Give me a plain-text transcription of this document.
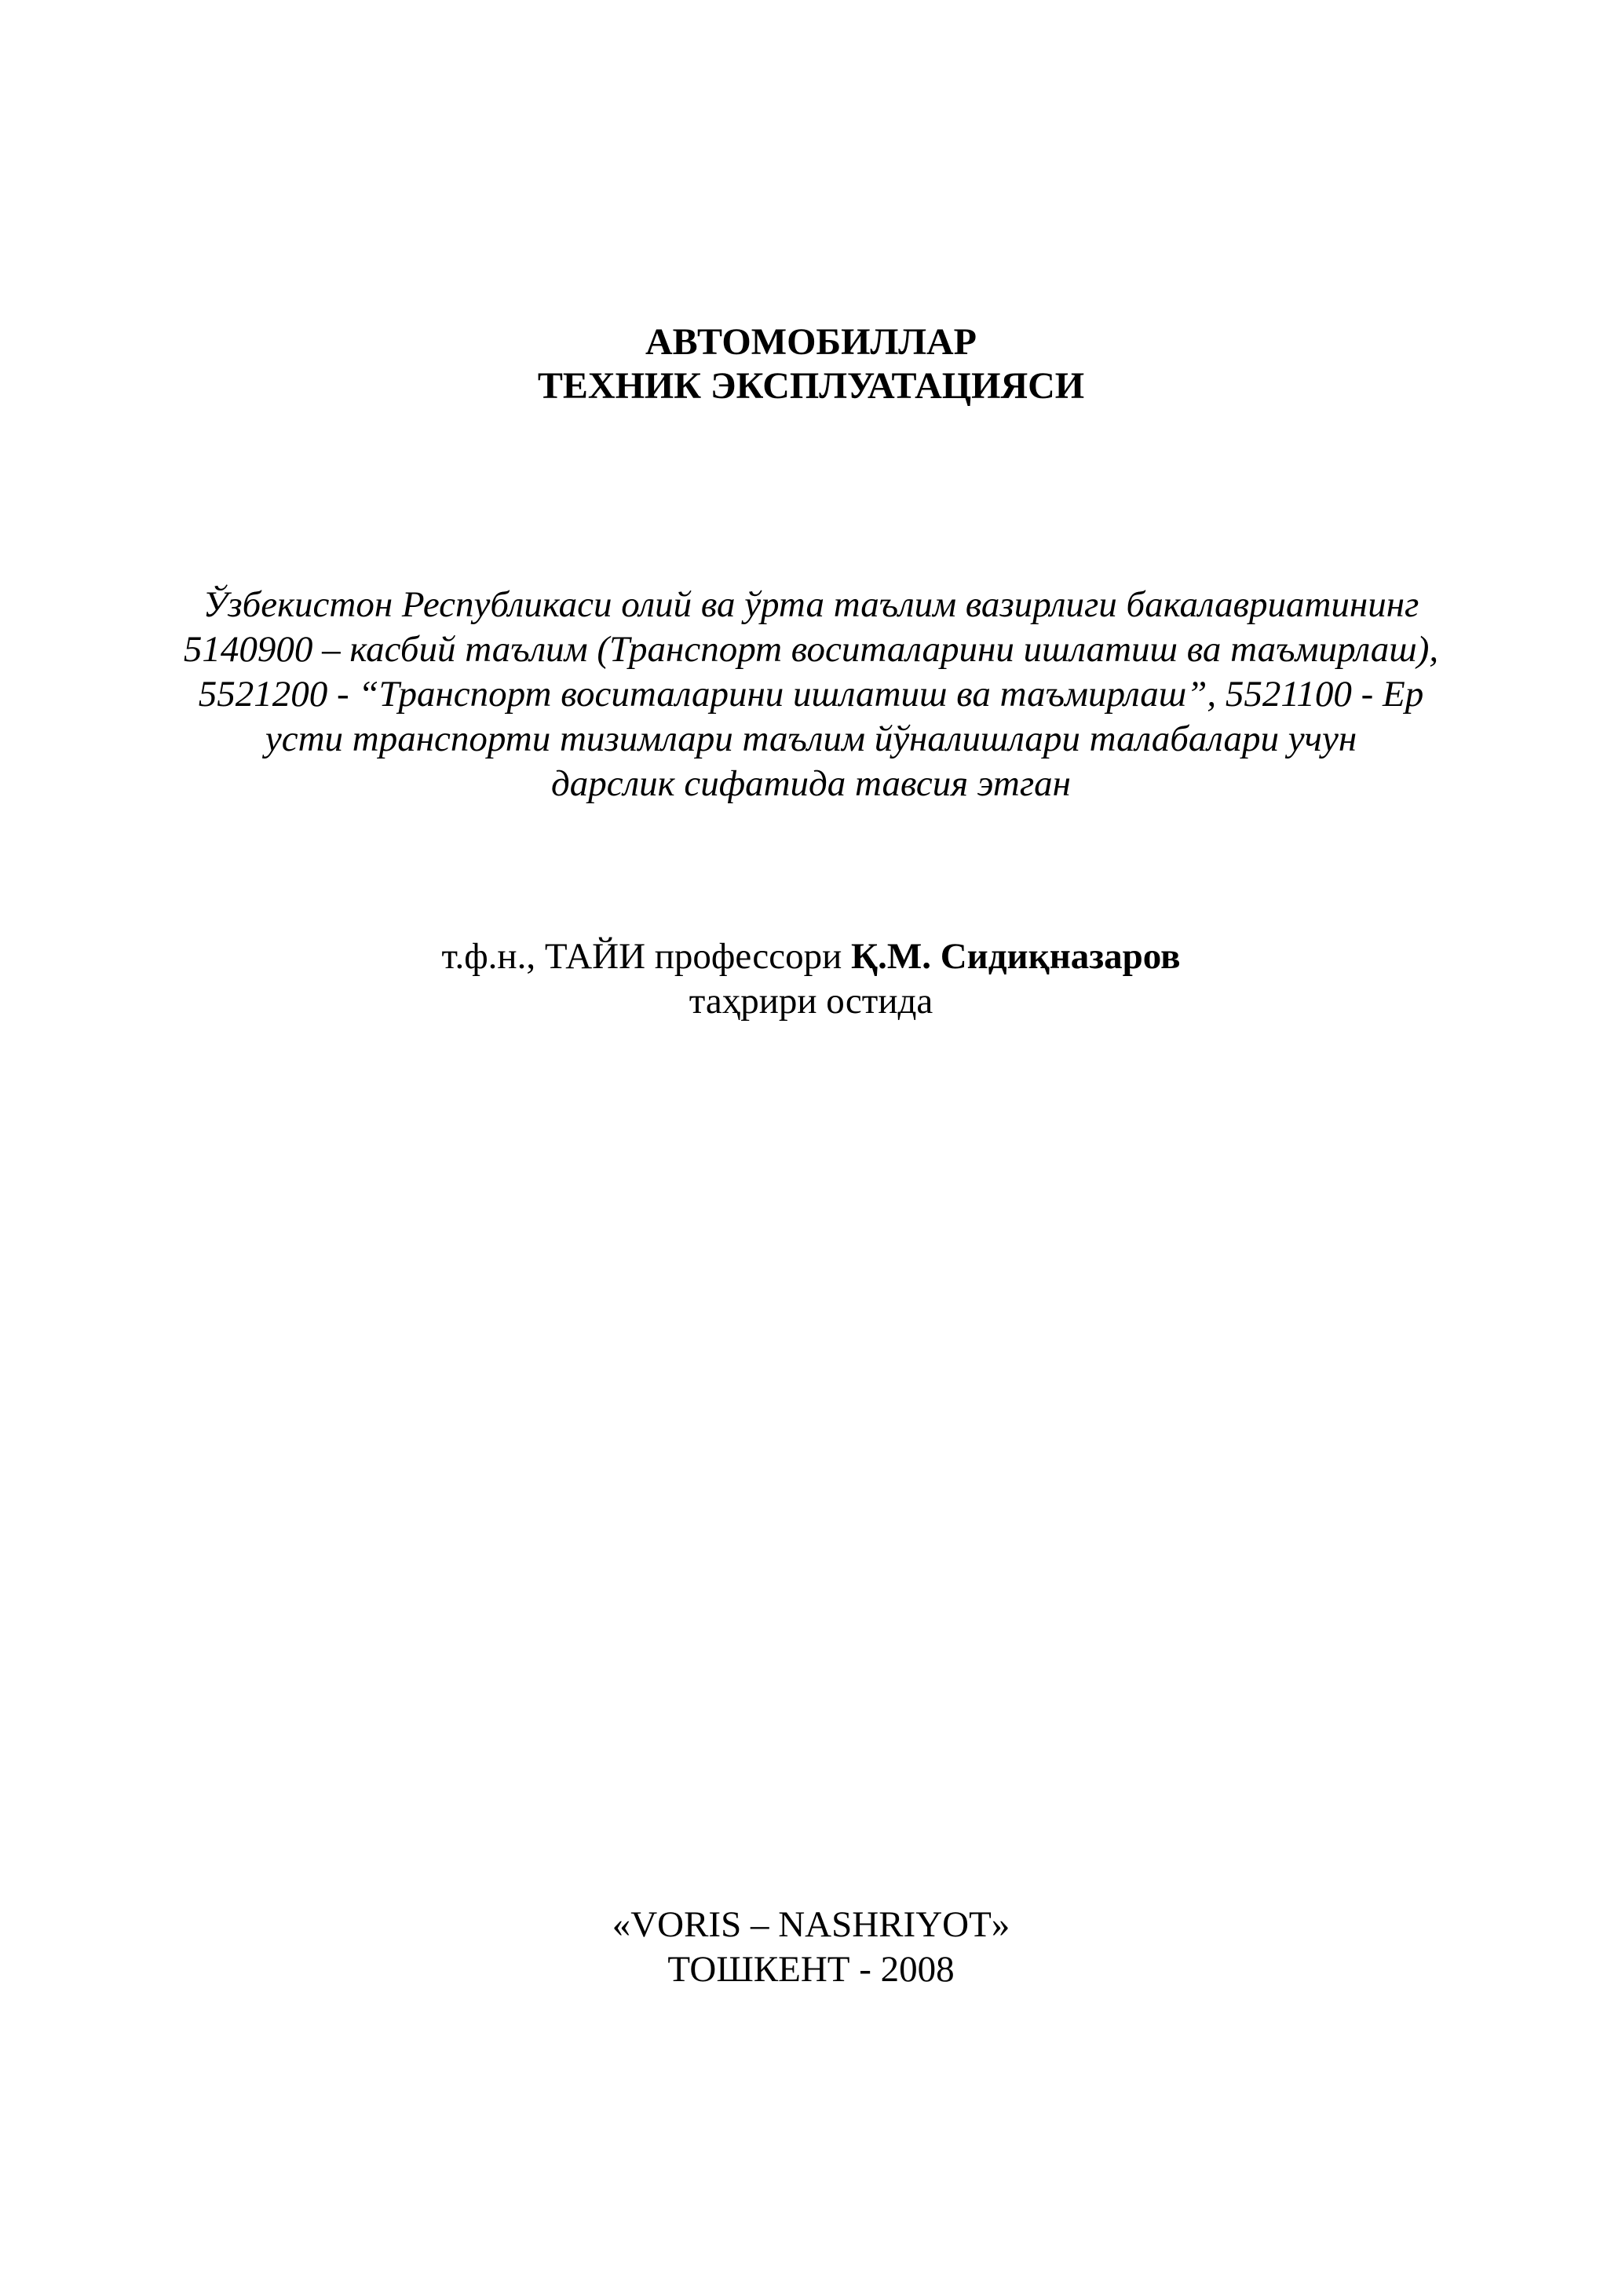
АВТОМОБИЛЛАР
ТЕХНИК ЭКСПЛУАТАЦИЯСИ
Ўзбекистон Республикаси олий ва ўрта таълим вазирлиги бакалавриатининг
5140900 – касбий таълим (Транспорт воситаларини ишлатиш ва таъмирлаш),
5521200 - “Транспорт воситаларини ишлатиш ва таъмирлаш”, 5521100 - Ер
усти транспорти тизимлари таълим йўналишлари талабалари учун
дарслик сифатида тавсия этган
т.ф.н., ТАЙИ профессори Қ.М. Сидиқназаров
таҳрири остида
«VORIS – NASHRIYOT»
ТОШКЕНТ - 2008
